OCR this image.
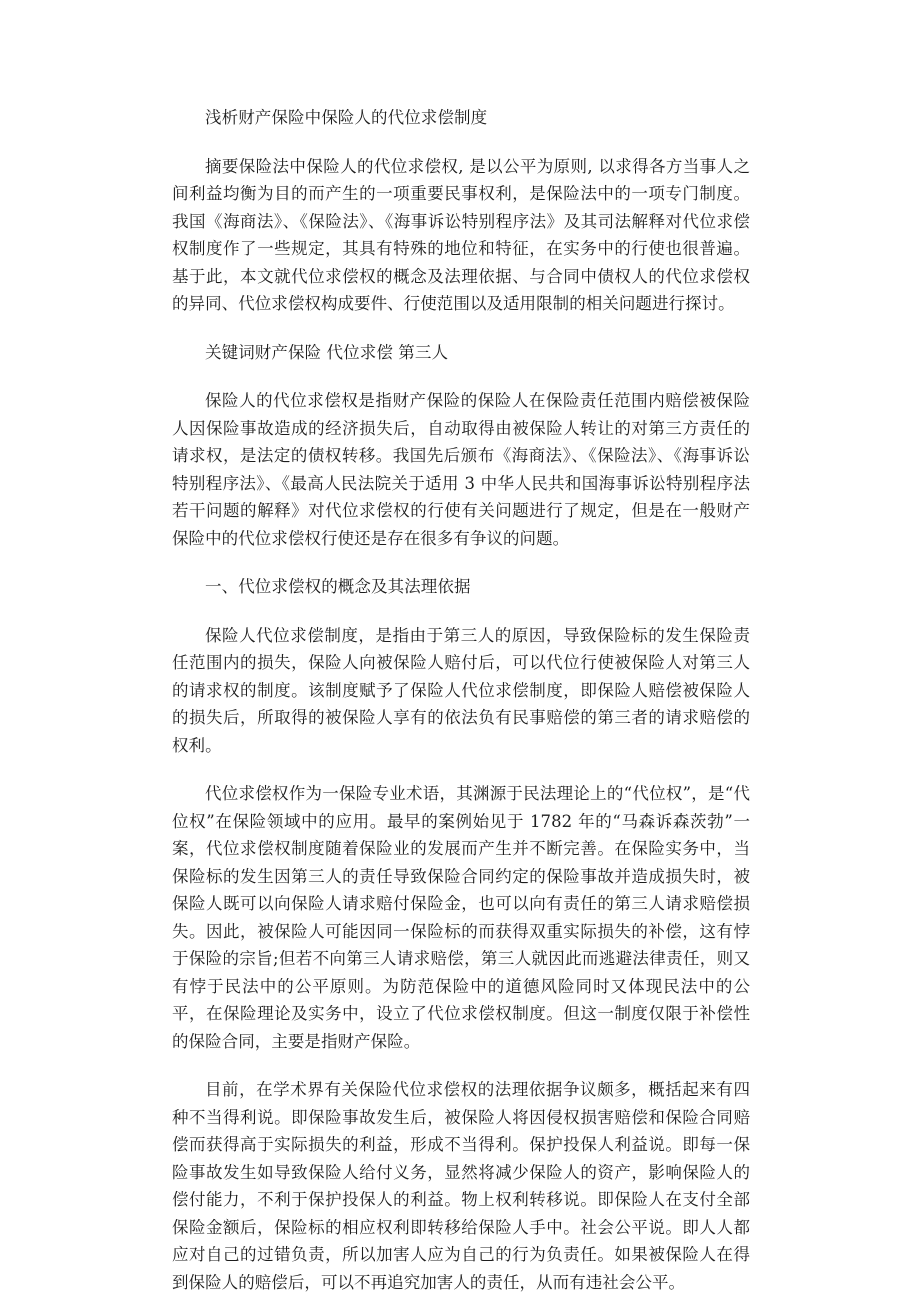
浅析财产保险中保险人的代位求偿制度

摘要保险法中保险人的代位求偿权, 是以公平为原则, 以求得各方当事人之间利益均衡为目的而产生的一项重要民事权利，是保险法中的一项专门制度。我国《海商法》、《保险法》、《海事诉讼特别程序法》及其司法解释对代位求偿权制度作了一些规定，其具有特殊的地位和特征，在实务中的行使也很普遍。基于此，本文就代位求偿权的概念及法理依据、与合同中债权人的代位求偿权的异同、代位求偿权构成要件、行使范围以及适用限制的相关问题进行探讨。

关键词财产保险 代位求偿 第三人

保险人的代位求偿权是指财产保险的保险人在保险责任范围内赔偿被保险人因保险事故造成的经济损失后，自动取得由被保险人转让的对第三方责任的请求权，是法定的债权转移。我国先后颁布《海商法》、《保险法》、《海事诉讼特别程序法》、《最高人民法院关于适用 3 中华人民共和国海事诉讼特别程序法若干问题的解释》对代位求偿权的行使有关问题进行了规定，但是在一般财产保险中的代位求偿权行使还是存在很多有争议的问题。

一、代位求偿权的概念及其法理依据

保险人代位求偿制度，是指由于第三人的原因，导致保险标的发生保险责任范围内的损失，保险人向被保险人赔付后，可以代位行使被保险人对第三人的请求权的制度。该制度赋予了保险人代位求偿制度，即保险人赔偿被保险人的损失后，所取得的被保险人享有的依法负有民事赔偿的第三者的请求赔偿的权利。

代位求偿权作为一保险专业术语，其渊源于民法理论上的“代位权”，是“代位权”在保险领域中的应用。最早的案例始见于 1782 年的“马森诉森茨勃”一案，代位求偿权制度随着保险业的发展而产生并不断完善。在保险实务中，当保险标的发生因第三人的责任导致保险合同约定的保险事故并造成损失时，被保险人既可以向保险人请求赔付保险金，也可以向有责任的第三人请求赔偿损失。因此，被保险人可能因同一保险标的而获得双重实际损失的补偿，这有悖于保险的宗旨;但若不向第三人请求赔偿，第三人就因此而逃避法律责任，则又有悖于民法中的公平原则。为防范保险中的道德风险同时又体现民法中的公平，在保险理论及实务中，设立了代位求偿权制度。但这一制度仅限于补偿性的保险合同，主要是指财产保险。

目前，在学术界有关保险代位求偿权的法理依据争议颇多，概括起来有四种不当得利说。即保险事故发生后，被保险人将因侵权损害赔偿和保险合同赔偿而获得高于实际损失的利益，形成不当得利。保护投保人利益说。即每一保险事故发生如导致保险人给付义务，显然将减少保险人的资产，影响保险人的偿付能力，不利于保护投保人的利益。物上权利转移说。即保险人在支付全部保险金额后，保险标的相应权利即转移给保险人手中。社会公平说。即人人都应对自己的过错负责，所以加害人应为自己的行为负责任。如果被保险人在得到保险人的赔偿后，可以不再追究加害人的责任，从而有违社会公平。
